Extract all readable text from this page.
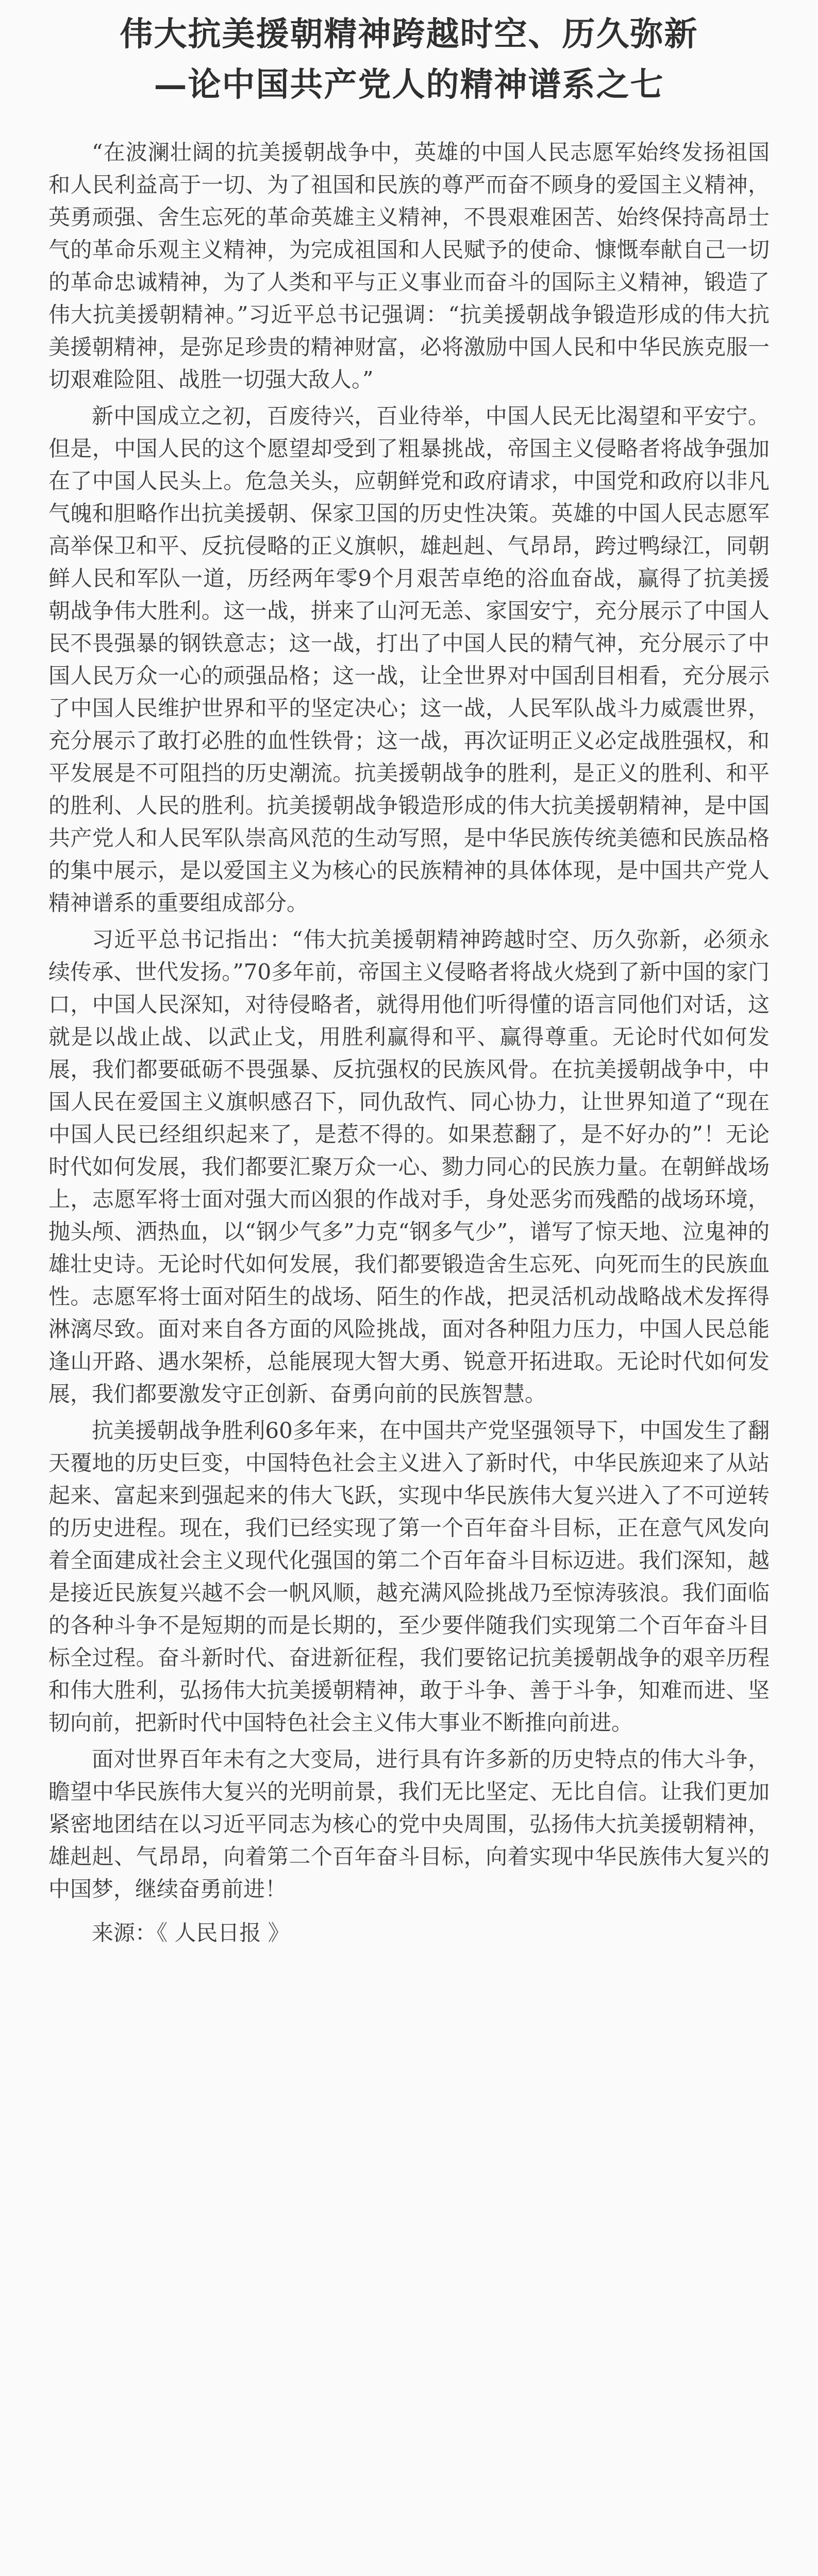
伟大抗美援朝精神跨越时空、历久弥新
—论中国共产党人的精神谱系之七

“在波澜壮阔的抗美援朝战争中，英雄的中国人民志愿军始终发扬祖国和人民利益高于一切、为了祖国和民族的尊严而奋不顾身的爱国主义精神，英勇顽强、舍生忘死的革命英雄主义精神，不畏艰难困苦、始终保持高昂士气的革命乐观主义精神，为完成祖国和人民赋予的使命、慷慨奉献自己一切的革命忠诚精神，为了人类和平与正义事业而奋斗的国际主义精神，锻造了伟大抗美援朝精神。”习近平总书记强调：“抗美援朝战争锻造形成的伟大抗美援朝精神，是弥足珍贵的精神财富，必将激励中国人民和中华民族克服一切艰难险阻、战胜一切强大敌人。”

新中国成立之初，百废待兴，百业待举，中国人民无比渴望和平安宁。但是，中国人民的这个愿望却受到了粗暴挑战，帝国主义侵略者将战争强加在了中国人民头上。危急关头，应朝鲜党和政府请求，中国党和政府以非凡气魄和胆略作出抗美援朝、保家卫国的历史性决策。英雄的中国人民志愿军高举保卫和平、反抗侵略的正义旗帜，雄赳赳、气昂昂，跨过鸭绿江，同朝鲜人民和军队一道，历经两年零9个月艰苦卓绝的浴血奋战，赢得了抗美援朝战争伟大胜利。这一战，拼来了山河无恙、家国安宁，充分展示了中国人民不畏强暴的钢铁意志；这一战，打出了中国人民的精气神，充分展示了中国人民万众一心的顽强品格；这一战，让全世界对中国刮目相看，充分展示了中国人民维护世界和平的坚定决心；这一战，人民军队战斗力威震世界，充分展示了敢打必胜的血性铁骨；这一战，再次证明正义必定战胜强权，和平发展是不可阻挡的历史潮流。抗美援朝战争的胜利，是正义的胜利、和平的胜利、人民的胜利。抗美援朝战争锻造形成的伟大抗美援朝精神，是中国共产党人和人民军队崇高风范的生动写照，是中华民族传统美德和民族品格的集中展示，是以爱国主义为核心的民族精神的具体体现，是中国共产党人精神谱系的重要组成部分。

习近平总书记指出：“伟大抗美援朝精神跨越时空、历久弥新，必须永续传承、世代发扬。”70多年前，帝国主义侵略者将战火烧到了新中国的家门口，中国人民深知，对待侵略者，就得用他们听得懂的语言同他们对话，这就是以战止战、以武止戈，用胜利赢得和平、赢得尊重。无论时代如何发展，我们都要砥砺不畏强暴、反抗强权的民族风骨。在抗美援朝战争中，中国人民在爱国主义旗帜感召下，同仇敌忾、同心协力，让世界知道了“现在中国人民已经组织起来了，是惹不得的。如果惹翻了，是不好办的”！无论时代如何发展，我们都要汇聚万众一心、勠力同心的民族力量。在朝鲜战场上，志愿军将士面对强大而凶狠的作战对手，身处恶劣而残酷的战场环境，抛头颅、洒热血，以“钢少气多”力克“钢多气少”，谱写了惊天地、泣鬼神的雄壮史诗。无论时代如何发展，我们都要锻造舍生忘死、向死而生的民族血性。志愿军将士面对陌生的战场、陌生的作战，把灵活机动战略战术发挥得淋漓尽致。面对来自各方面的风险挑战，面对各种阻力压力，中国人民总能逢山开路、遇水架桥，总能展现大智大勇、锐意开拓进取。无论时代如何发展，我们都要激发守正创新、奋勇向前的民族智慧。

抗美援朝战争胜利60多年来，在中国共产党坚强领导下，中国发生了翻天覆地的历史巨变，中国特色社会主义进入了新时代，中华民族迎来了从站起来、富起来到强起来的伟大飞跃，实现中华民族伟大复兴进入了不可逆转的历史进程。现在，我们已经实现了第一个百年奋斗目标，正在意气风发向着全面建成社会主义现代化强国的第二个百年奋斗目标迈进。我们深知，越是接近民族复兴越不会一帆风顺，越充满风险挑战乃至惊涛骇浪。我们面临的各种斗争不是短期的而是长期的，至少要伴随我们实现第二个百年奋斗目标全过程。奋斗新时代、奋进新征程，我们要铭记抗美援朝战争的艰辛历程和伟大胜利，弘扬伟大抗美援朝精神，敢于斗争、善于斗争，知难而进、坚韧向前，把新时代中国特色社会主义伟大事业不断推向前进。

面对世界百年未有之大变局，进行具有许多新的历史特点的伟大斗争，瞻望中华民族伟大复兴的光明前景，我们无比坚定、无比自信。让我们更加紧密地团结在以习近平同志为核心的党中央周围，弘扬伟大抗美援朝精神，雄赳赳、气昂昂，向着第二个百年奋斗目标，向着实现中华民族伟大复兴的中国梦，继续奋勇前进！

来源：《 人民日报 》
